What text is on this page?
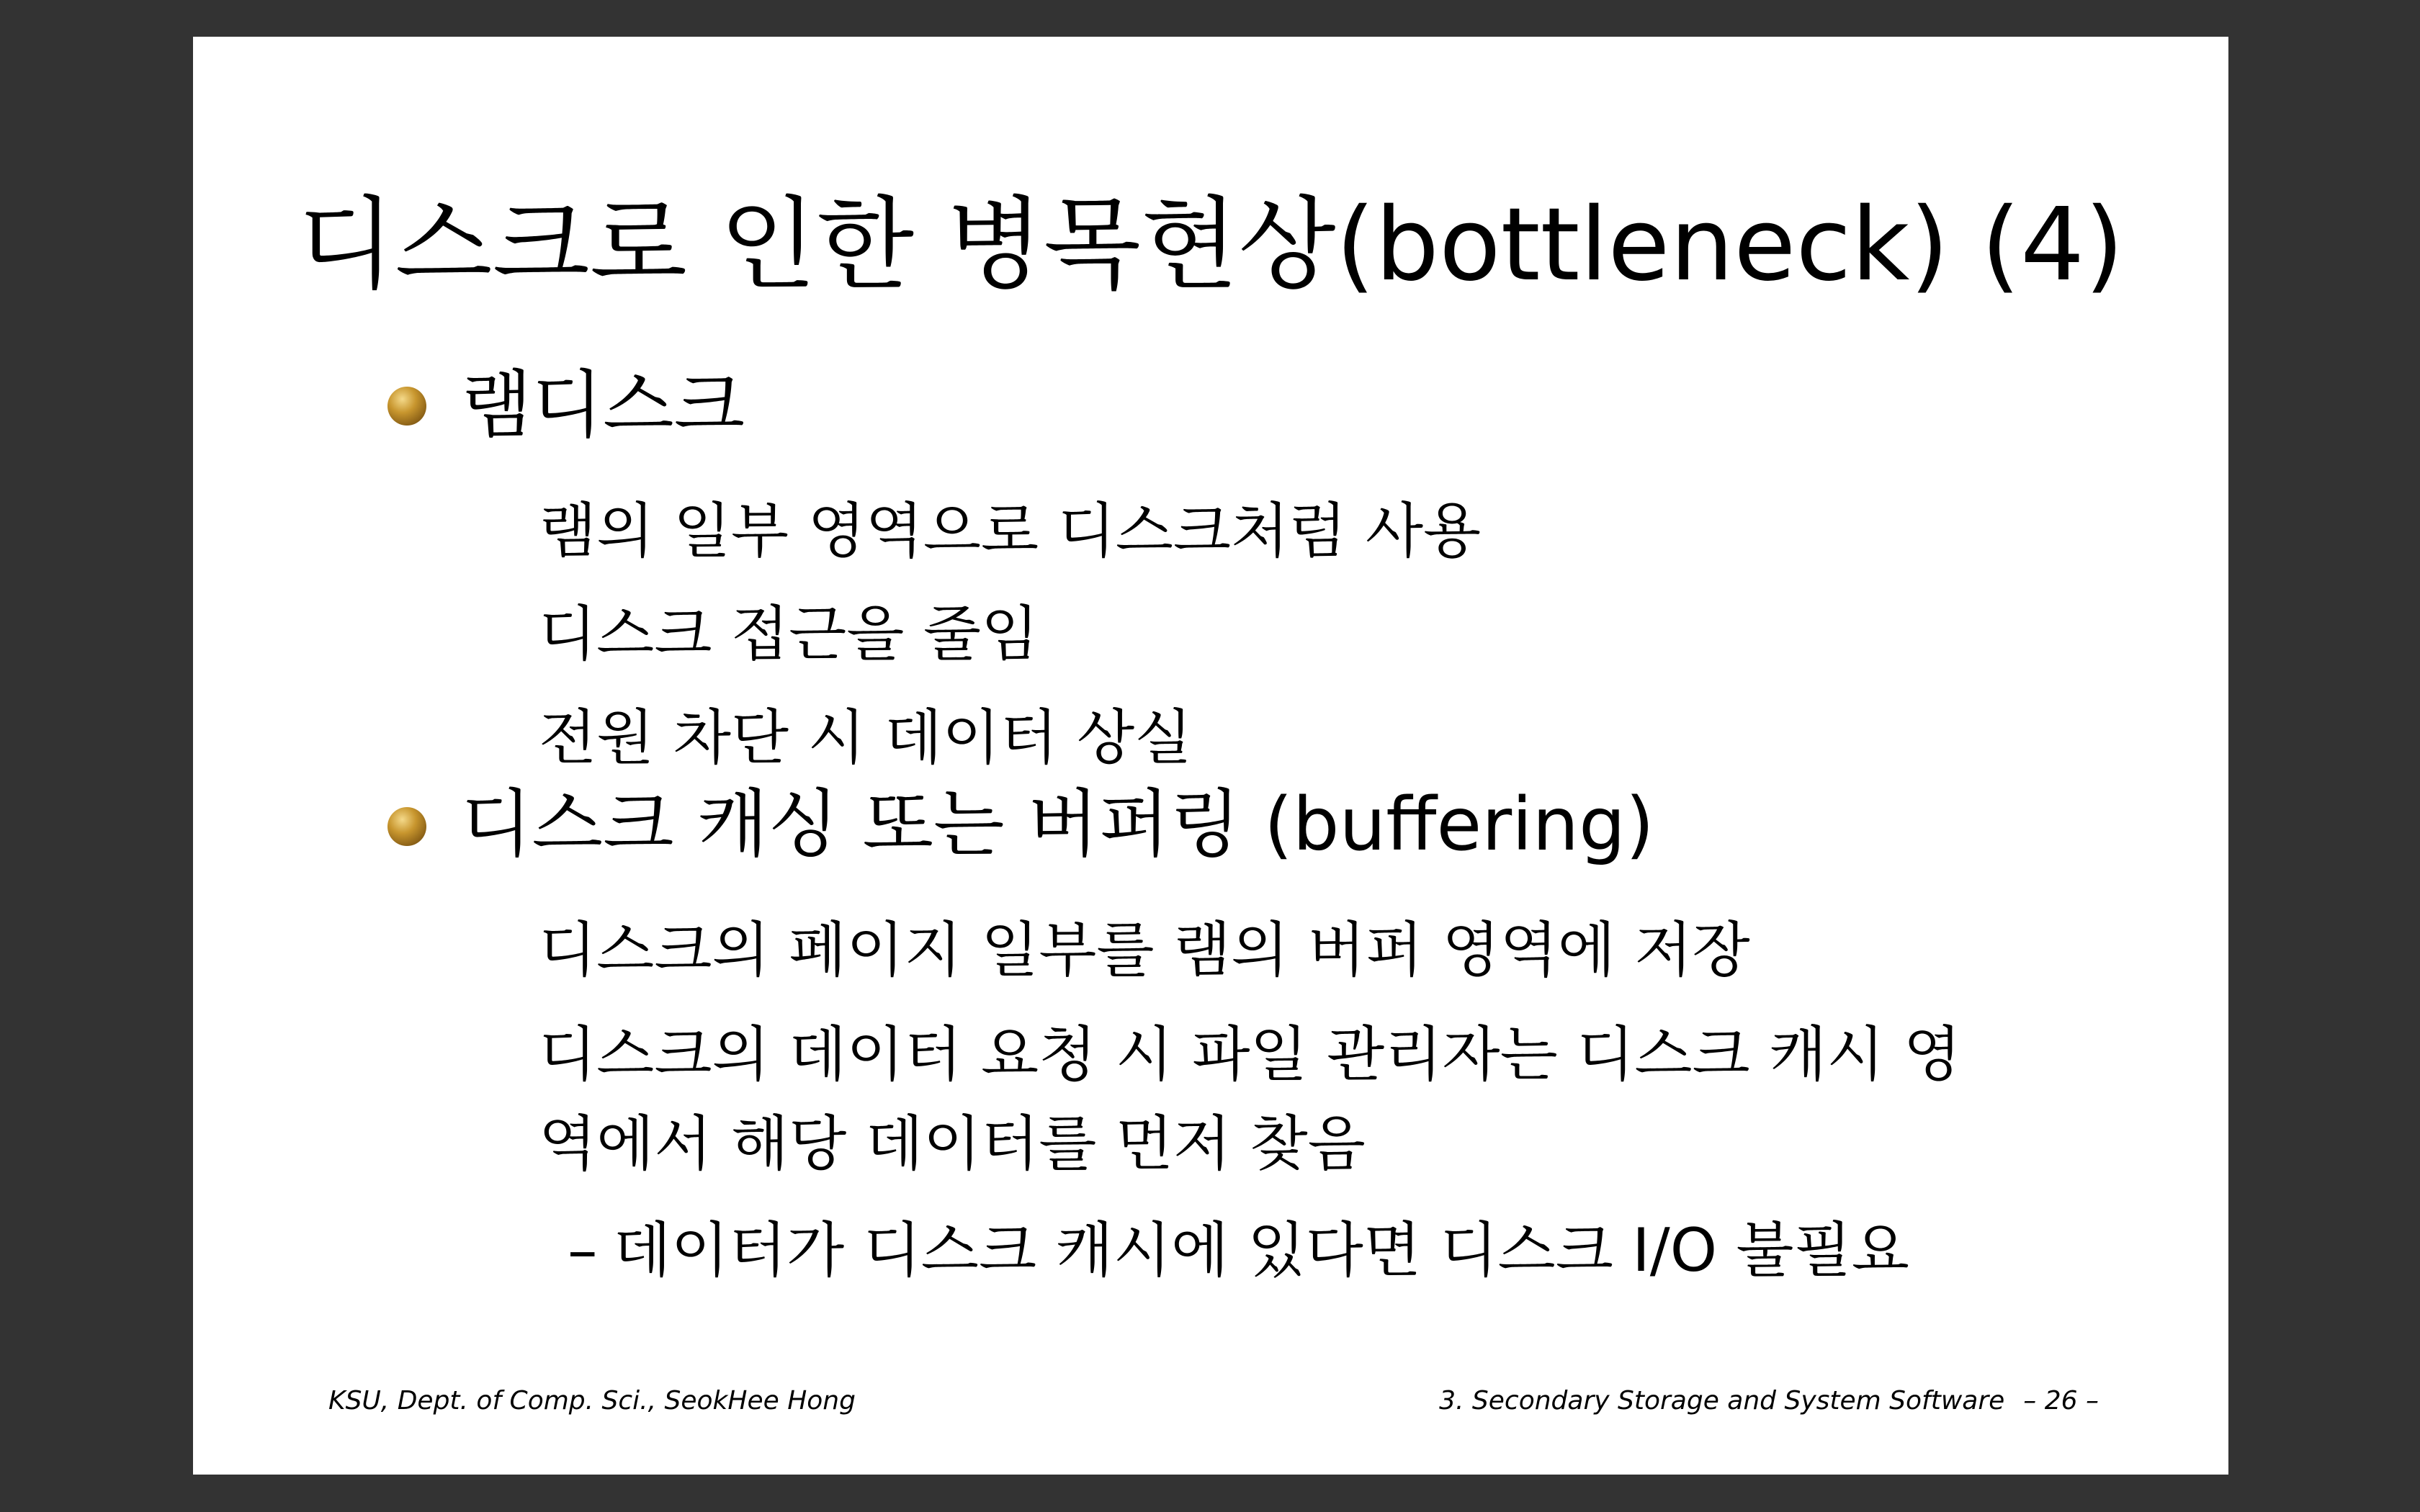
디스크로 인한 병목현상(bottleneck) (4)
램디스크
램의 일부 영역으로 디스크처럼 사용
디스크 접근을 줄임
전원 차단 시 데이터 상실
디스크 캐싱 또는 버퍼링 (buffering)
디스크의 페이지 일부를 램의 버퍼 영역에 저장
디스크의 데이터 요청 시 파일 관리자는 디스크 캐시 영
역에서 해당 데이터를 먼저 찾음
– 데이터가 디스크 캐시에 있다면 디스크 I/O 불필요
KSU, Dept. of Comp. Sci., SeokHee Hong	3. Secondary Storage and System Software – 26 –
